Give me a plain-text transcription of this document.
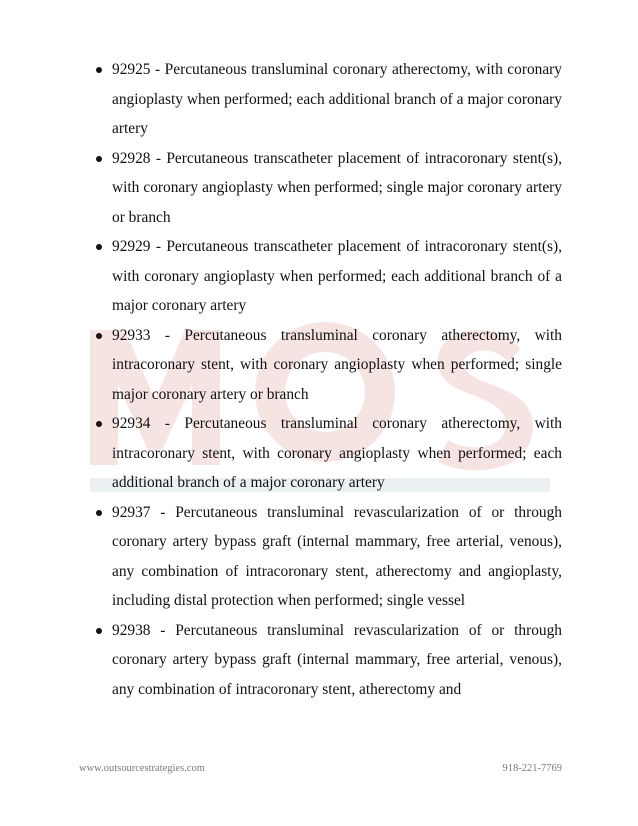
92925 - Percutaneous transluminal coronary atherectomy, with coronary angioplasty when performed; each additional branch of a major coronary artery
92928 - Percutaneous transcatheter placement of intracoronary stent(s), with coronary angioplasty when performed; single major coronary artery or branch
92929 - Percutaneous transcatheter placement of intracoronary stent(s), with coronary angioplasty when performed; each additional branch of a major coronary artery
92933 - Percutaneous transluminal coronary atherectomy, with intracoronary stent, with coronary angioplasty when performed; single major coronary artery or branch
92934 - Percutaneous transluminal coronary atherectomy, with intracoronary stent, with coronary angioplasty when performed; each additional branch of a major coronary artery
92937 - Percutaneous transluminal revascularization of or through coronary artery bypass graft (internal mammary, free arterial, venous), any combination of intracoronary stent, atherectomy and angioplasty, including distal protection when performed; single vessel
92938 - Percutaneous transluminal revascularization of or through coronary artery bypass graft (internal mammary, free arterial, venous), any combination of intracoronary stent, atherectomy and
www.outsourcestrategies.com	918-221-7769
